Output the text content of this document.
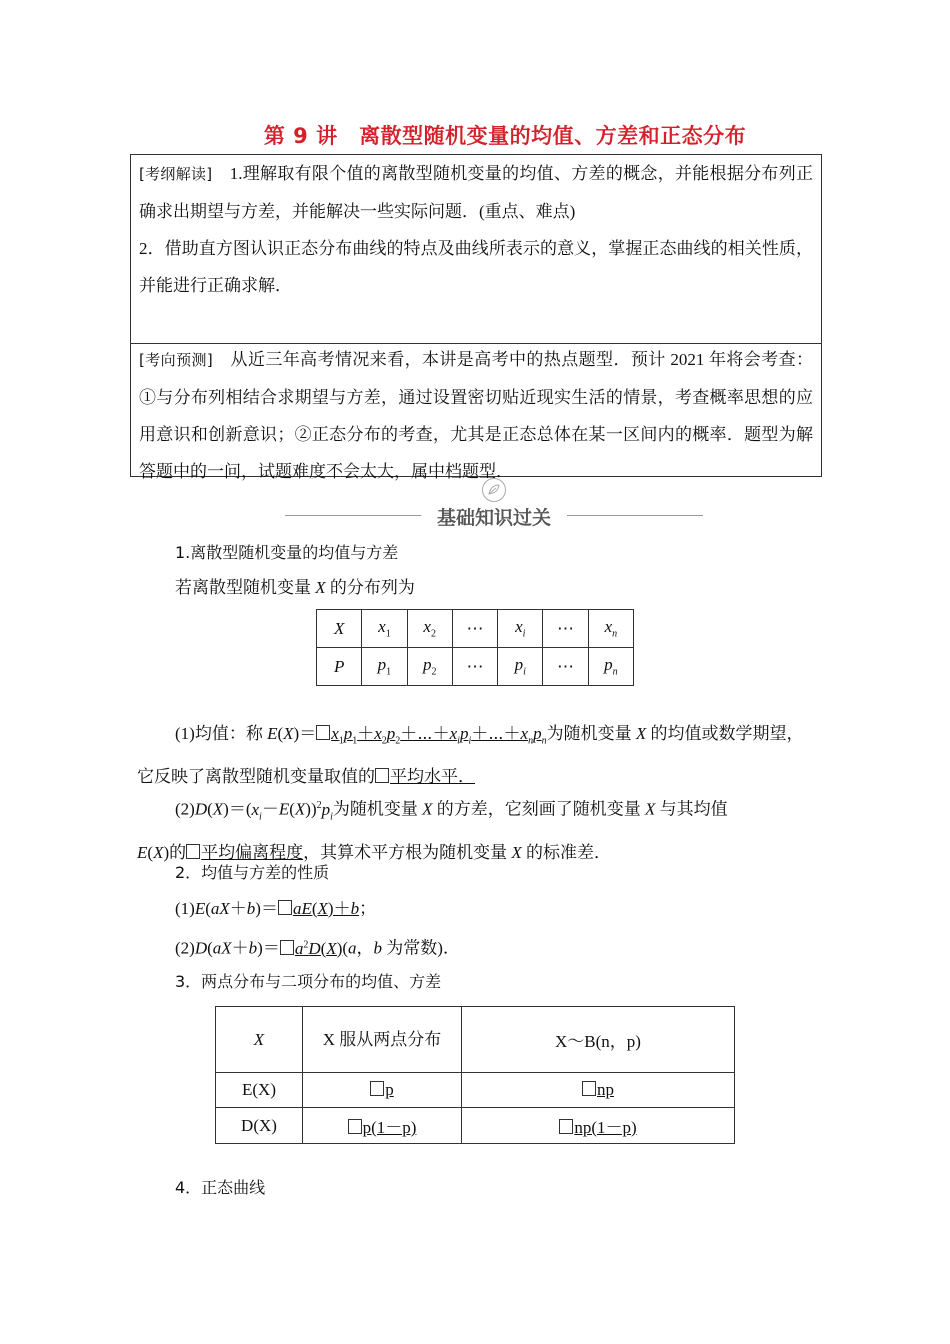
第 9 讲　离散型随机变量的均值、方差和正态分布
[考纲解读]　 1.理解取有限个值的离散型随机变量的均值、方差的概念，并能根据分布列正确求出期望与方差，并能解决一些实际问题．(重点、难点)
2．借助直方图认识正态分布曲线的特点及曲线所表示的意义，掌握正态曲线的相关性质，并能进行正确求解．
[考向预测]　 从近三年高考情况来看，本讲是高考中的热点题型．预计 2021 年将会考查：①与分布列相结合求期望与方差，通过设置密切贴近现实生活的情景，考查概率思想的应用意识和创新意识；②正态分布的考查，尤其是正态总体在某一区间内的概率．题型为解答题中的一问，试题难度不会太大，属中档题型．
基础知识过关
1.离散型随机变量的均值与方差
若离散型随机变量 X 的分布列为
X	$x_1$	$x_2$	⋯	$x_i$	⋯	$x_n$
P	$p_1$	$p_2$	⋯	$p_i$	⋯	$p_n$
(1)均值：称 $E(X)= x_1p_1+x_2p_2+\cdots+x_ip_i+\cdots+x_np_n$为随机变量 X 的均值或数学期望，它反映了离散型随机变量取值的 平均水平．
$(2)D(X)=(x_i-E(X))^2p_i$为随机变量 X 的方差，它刻画了随机变量 X 与其均值
E(X)的 平均偏离程度，其算术平方根为随机变量 X 的标准差．
2．均值与方差的性质
(1)E(aX＋b)＝ aE(X)＋b；
$(2)D(aX+b)= a^2D(X)(a$，b 为常数)．
3．两点分布与二项分布的均值、方差
X	X 服从两点分布	X～B(n，p)
E(X)	p	np
D(X)	p(1－p)	np(1－p)
4．正态曲线
